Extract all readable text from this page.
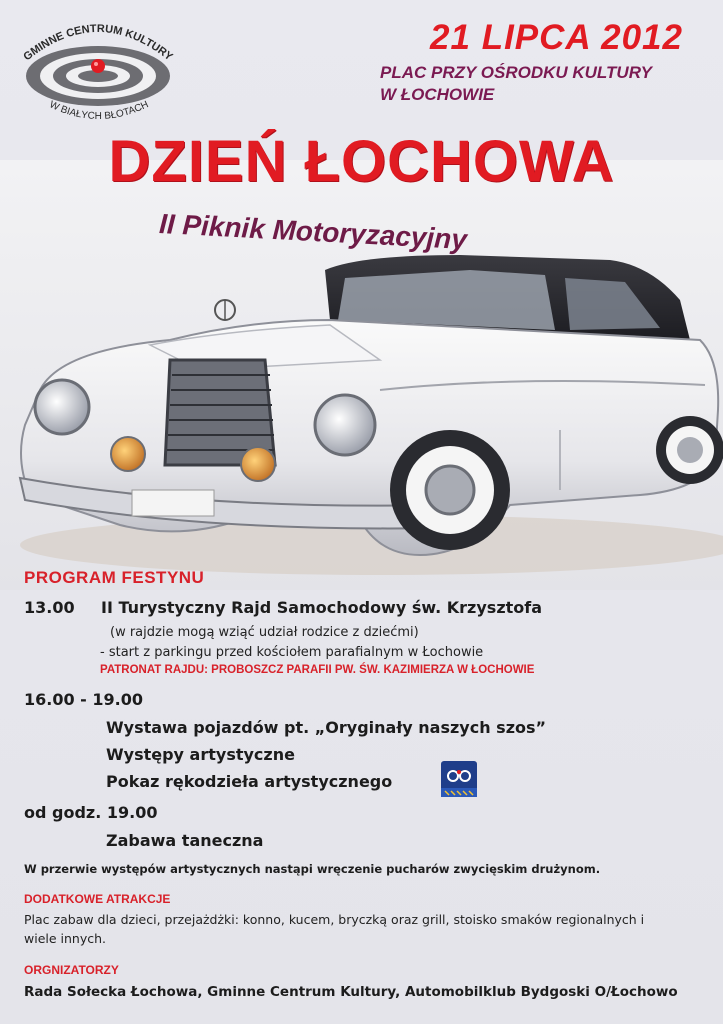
GMINNE CENTRUM KULTURY
W BIAŁYCH BŁOTACH
21 LIPCA 2012
PLAC PRZY OŚRODKU KULTURY
W ŁOCHOWIE
DZIEŃ ŁOCHOWA
II Piknik Motoryzacyjny
PROGRAM FESTYNU
13.00 II Turystyczny Rajd Samochodowy św. Krzysztofa
(w rajdzie mogą wziąć udział rodzice z dziećmi)
- start z parkingu przed kościołem parafialnym w Łochowie
PATRONAT RAJDU: PROBOSZCZ PARAFII PW. ŚW. KAZIMIERZA W ŁOCHOWIE
16.00 - 19.00
Wystawa pojazdów pt. „Oryginały naszych szos”
Występy artystyczne
Pokaz rękodzieła artystycznego
od godz. 19.00
Zabawa taneczna
W przerwie występów artystycznych nastąpi wręczenie pucharów zwycięskim drużynom.
DODATKOWE ATRAKCJE
Plac zabaw dla dzieci, przejażdżki: konno, kucem, bryczką oraz grill, stoisko smaków regionalnych i wiele innych.
ORGNIZATORZY
Rada Sołecka Łochowa, Gminne Centrum Kultury, Automobilklub Bydgoski O/Łochowo
